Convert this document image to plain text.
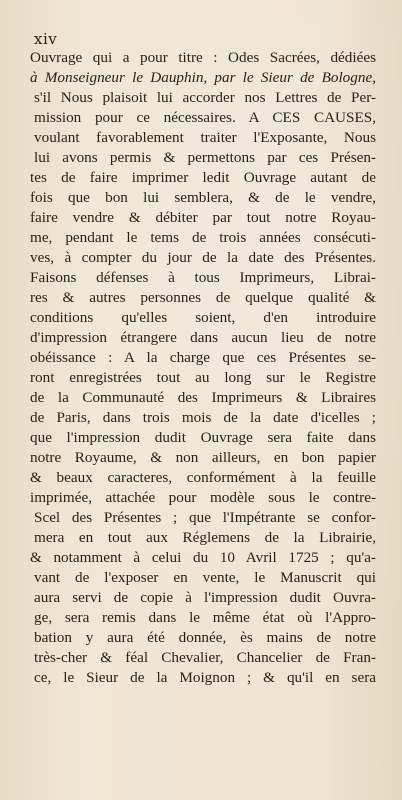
xiv
Ouvrage qui a pour titre : Odes Sacrées, dédiées
à Monseigneur le Dauphin, par le Sieur de Bologne,
s'il Nous plaisoit lui accorder nos Lettres de Per-
mission pour ce nécessaires. A CES CAUSES,
voulant favorablement traiter l'Exposante, Nous
lui avons permis & permettons par ces Présen-
tes de faire imprimer ledit Ouvrage autant de
fois que bon lui semblera, & de le vendre,
faire vendre & débiter par tout notre Royau-
me, pendant le tems de trois années consécuti-
ves, à compter du jour de la date des Présentes.
Faisons défenses à tous Imprimeurs, Librai-
res & autres personnes de quelque qualité &
conditions qu'elles soient, d'en introduire
d'impression étrangere dans aucun lieu de notre
obéissance : A la charge que ces Présentes se-
ront enregistrées tout au long sur le Registre
de la Communauté des Imprimeurs & Libraires
de Paris, dans trois mois de la date d'icelles ;
que l'impression dudit Ouvrage sera faite dans
notre Royaume, & non ailleurs, en bon papier
& beaux caracteres, conformément à la feuille
imprimée, attachée pour modèle sous le contre-
Scel des Présentes ; que l'Impétrante se confor-
mera en tout aux Réglemens de la Librairie,
& notamment à celui du 10 Avril 1725 ; qu'a-
vant de l'exposer en vente, le Manuscrit qui
aura servi de copie à l'impression dudit Ouvra-
ge, sera remis dans le même état où l'Appro-
bation y aura été donnée, ès mains de notre
très-cher & féal Chevalier, Chancelier de Fran-
ce, le Sieur de la Moignon ; & qu'il en sera
